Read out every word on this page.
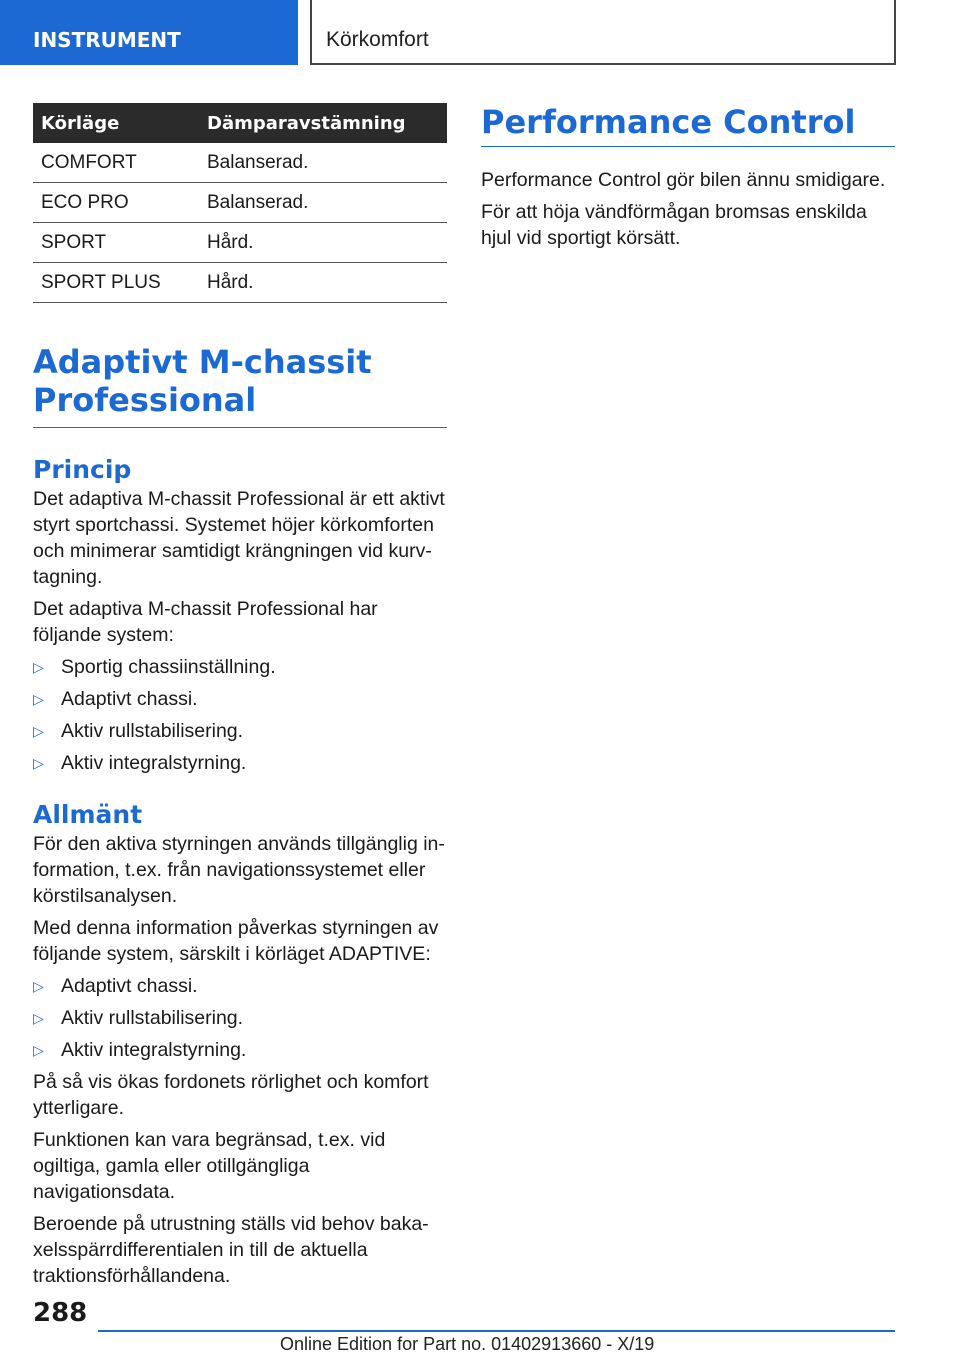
INSTRUMENT	Körkomfort
Körläge	Dämparavstämning
COMFORT	Balanserad.
ECO PRO	Balanserad.
SPORT	Hård.
SPORT PLUS	Hård.
Adaptivt M-chassit
Professional
Princip

Det adaptiva M-chassit Professional är ett aktivt styrt sportchassi. Systemet höjer körkomforten och minimerar samtidigt krängningen vid kurvtagning.

Det adaptiva M-chassit Professional har följande system:

▷ Sportig chassiinställning.
▷ Adaptivt chassi.
▷ Aktiv rullstabilisering.
▷ Aktiv integralstyrning.
Allmänt

För den aktiva styrningen används tillgänglig information, t.ex. från navigationssystemet eller körstilsanalysen.

Med denna information påverkas styrningen av följande system, särskilt i körläget ADAPTIVE:

▷ Adaptivt chassi.
▷ Aktiv rullstabilisering.
▷ Aktiv integralstyrning.

På så vis ökas fordonets rörlighet och komfort ytterligare.

Funktionen kan vara begränsad, t.ex. vid ogiltiga, gamla eller otillgängliga navigationsdata.

Beroende på utrustning ställs vid behov bakaxelsspärrdifferentialen in till de aktuella traktionsförhållandena.

Performance Control

Performance Control gör bilen ännu smidigare.

För att höja vändförmågan bromsas enskilda hjul vid sportigt körsätt.

288
Online Edition for Part no. 01402913660 - X/19
